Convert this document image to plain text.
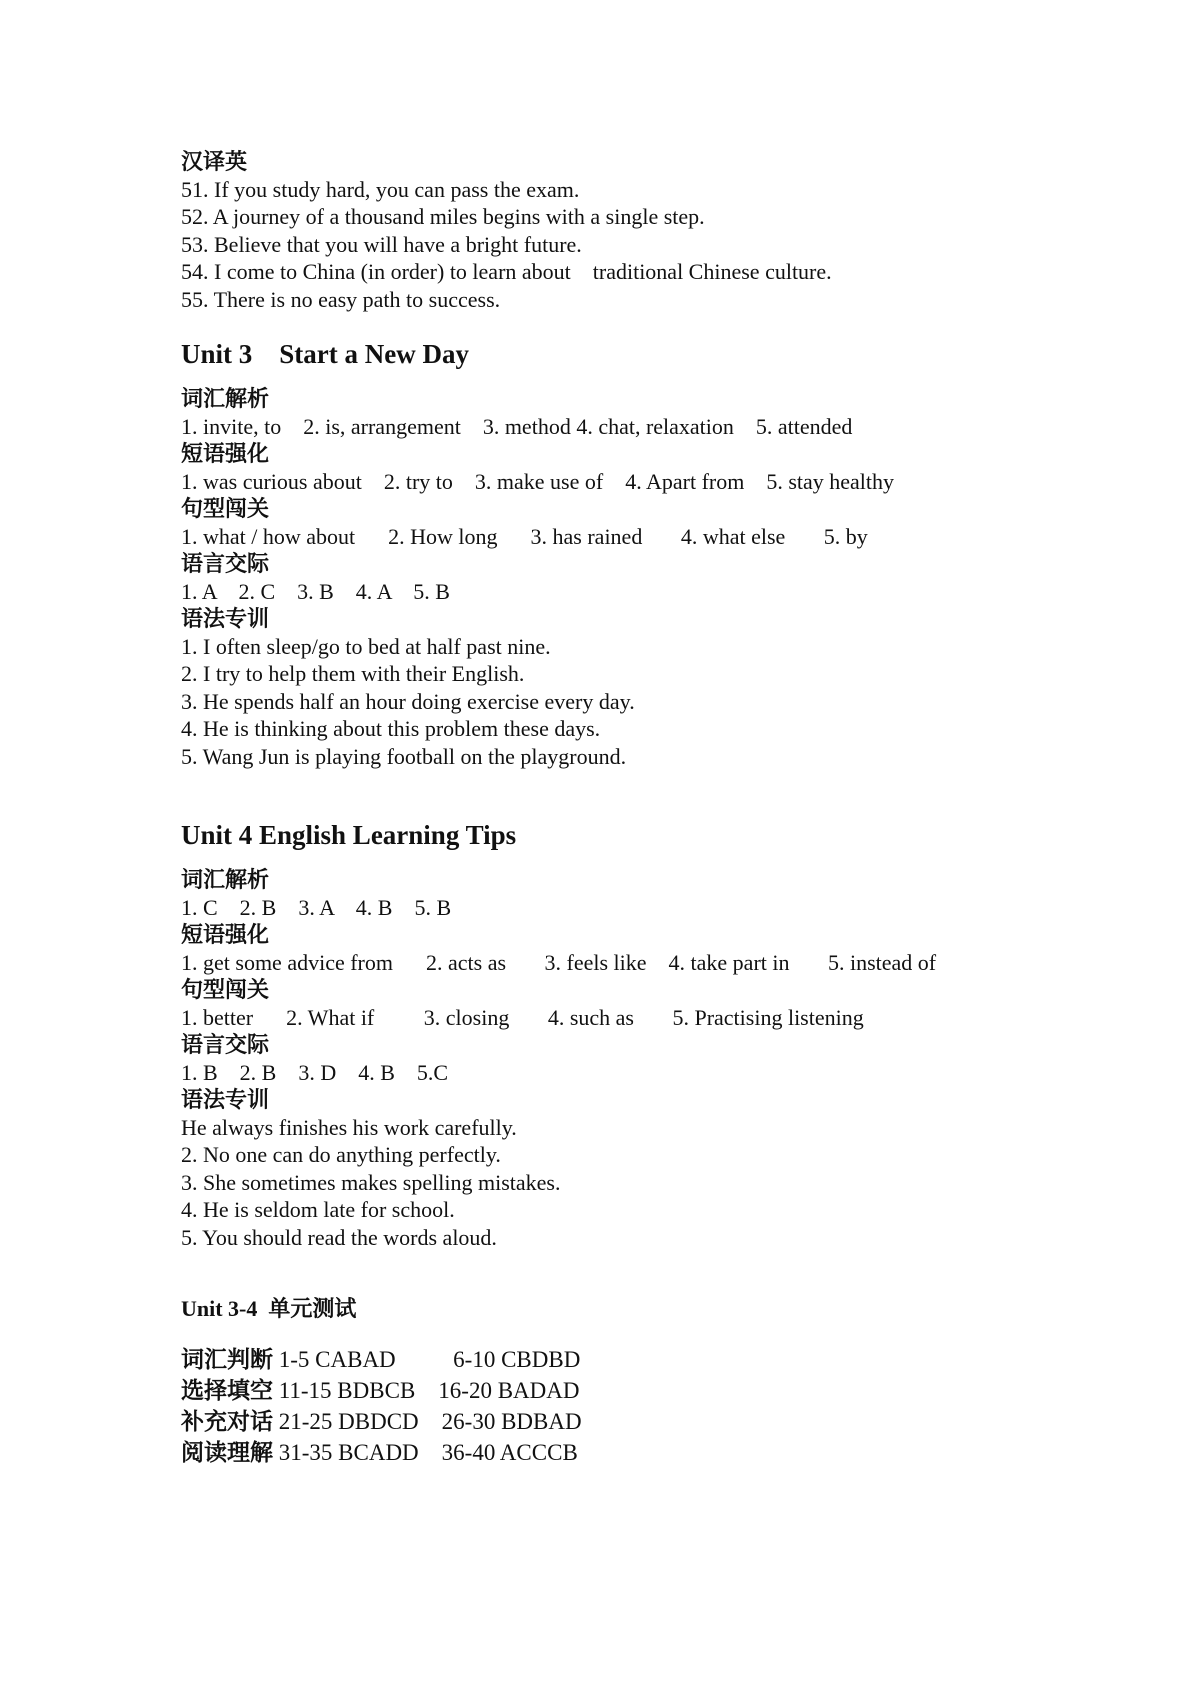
汉译英
51. If you study hard, you can pass the exam.
52. A journey of a thousand miles begins with a single step.
53. Believe that you will have a bright future.
54. I come to China (in order) to learn about    traditional Chinese culture.
55. There is no easy path to success.
Unit 3    Start a New Day
词汇解析
1. invite, to    2. is, arrangement    3. method 4. chat, relaxation    5. attended
短语强化
1. was curious about    2. try to    3. make use of    4. Apart from    5. stay healthy
句型闯关
1. what / how about      2. How long      3. has rained       4. what else       5. by
语言交际
1. A    2. C    3. B    4. A    5. B
语法专训
1. I often sleep/go to bed at half past nine.
2. I try to help them with their English.
3. He spends half an hour doing exercise every day.
4. He is thinking about this problem these days.
5. Wang Jun is playing football on the playground.
Unit 4 English Learning Tips
词汇解析
1. C    2. B    3. A    4. B    5. B
短语强化
1. get some advice from      2. acts as       3. feels like    4. take part in       5. instead of
句型闯关
1. better      2. What if         3. closing       4. such as       5. Practising listening
语言交际
1. B    2. B    3. D    4. B    5.C
语法专训
He always finishes his work carefully.
2. No one can do anything perfectly.
3. She sometimes makes spelling mistakes.
4. He is seldom late for school.
5. You should read the words aloud.
Unit 3-4  单元测试
词汇判断 1-5 CABAD          6-10 CBDBD
选择填空 11-15 BDBCB    16-20 BADAD
补充对话 21-25 DBDCD    26-30 BDBAD
阅读理解 31-35 BCADD    36-40 ACCCB
